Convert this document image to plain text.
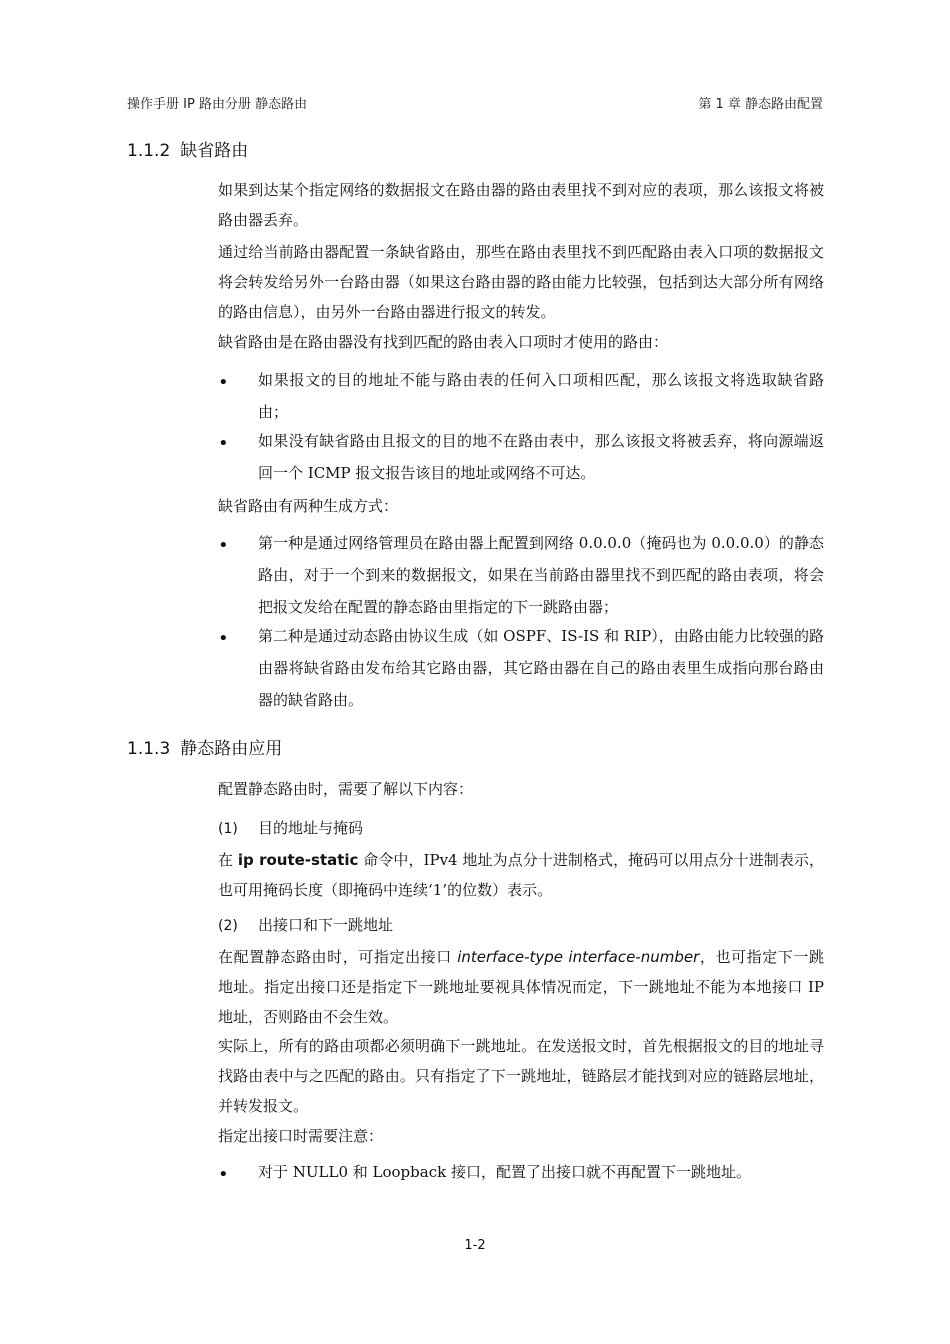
操作手册 IP 路由分册 静态路由	第 1 章 静态路由配置
1.1.2 缺省路由

如果到达某个指定网络的数据报文在路由器的路由表里找不到对应的表项，那么该报文将被路由器丢弃。

通过给当前路由器配置一条缺省路由，那些在路由表里找不到匹配路由表入口项的数据报文将会转发给另外一台路由器（如果这台路由器的路由能力比较强，包括到达大部分所有网络的路由信息），由另外一台路由器进行报文的转发。

缺省路由是在路由器没有找到匹配的路由表入口项时才使用的路由：

• 如果报文的目的地址不能与路由表的任何入口项相匹配，那么该报文将选取缺省路由；
• 如果没有缺省路由且报文的目的地不在路由表中，那么该报文将被丢弃，将向源端返回一个 ICMP 报文报告该目的地址或网络不可达。

缺省路由有两种生成方式：

• 第一种是通过网络管理员在路由器上配置到网络 0.0.0.0（掩码也为 0.0.0.0）的静态路由，对于一个到来的数据报文，如果在当前路由器里找不到匹配的路由表项，将会把报文发给在配置的静态路由里指定的下一跳路由器；
• 第二种是通过动态路由协议生成（如 OSPF、IS-IS 和 RIP），由路由能力比较强的路由器将缺省路由发布给其它路由器，其它路由器在自己的路由表里生成指向那台路由器的缺省路由。
1.1.3 静态路由应用

配置静态路由时，需要了解以下内容：

(1) 目的地址与掩码

在 ip route-static 命令中，IPv4 地址为点分十进制格式，掩码可以用点分十进制表示，也可用掩码长度（即掩码中连续‘1’的位数）表示。

(2) 出接口和下一跳地址

在配置静态路由时，可指定出接口 interface-type interface-number，也可指定下一跳地址。指定出接口还是指定下一跳地址要视具体情况而定，下一跳地址不能为本地接口 IP 地址，否则路由不会生效。

实际上，所有的路由项都必须明确下一跳地址。在发送报文时，首先根据报文的目的地址寻找路由表中与之匹配的路由。只有指定了下一跳地址，链路层才能找到对应的链路层地址，并转发报文。

指定出接口时需要注意：

• 对于 NULL0 和 Loopback 接口，配置了出接口就不再配置下一跳地址。
1-2
